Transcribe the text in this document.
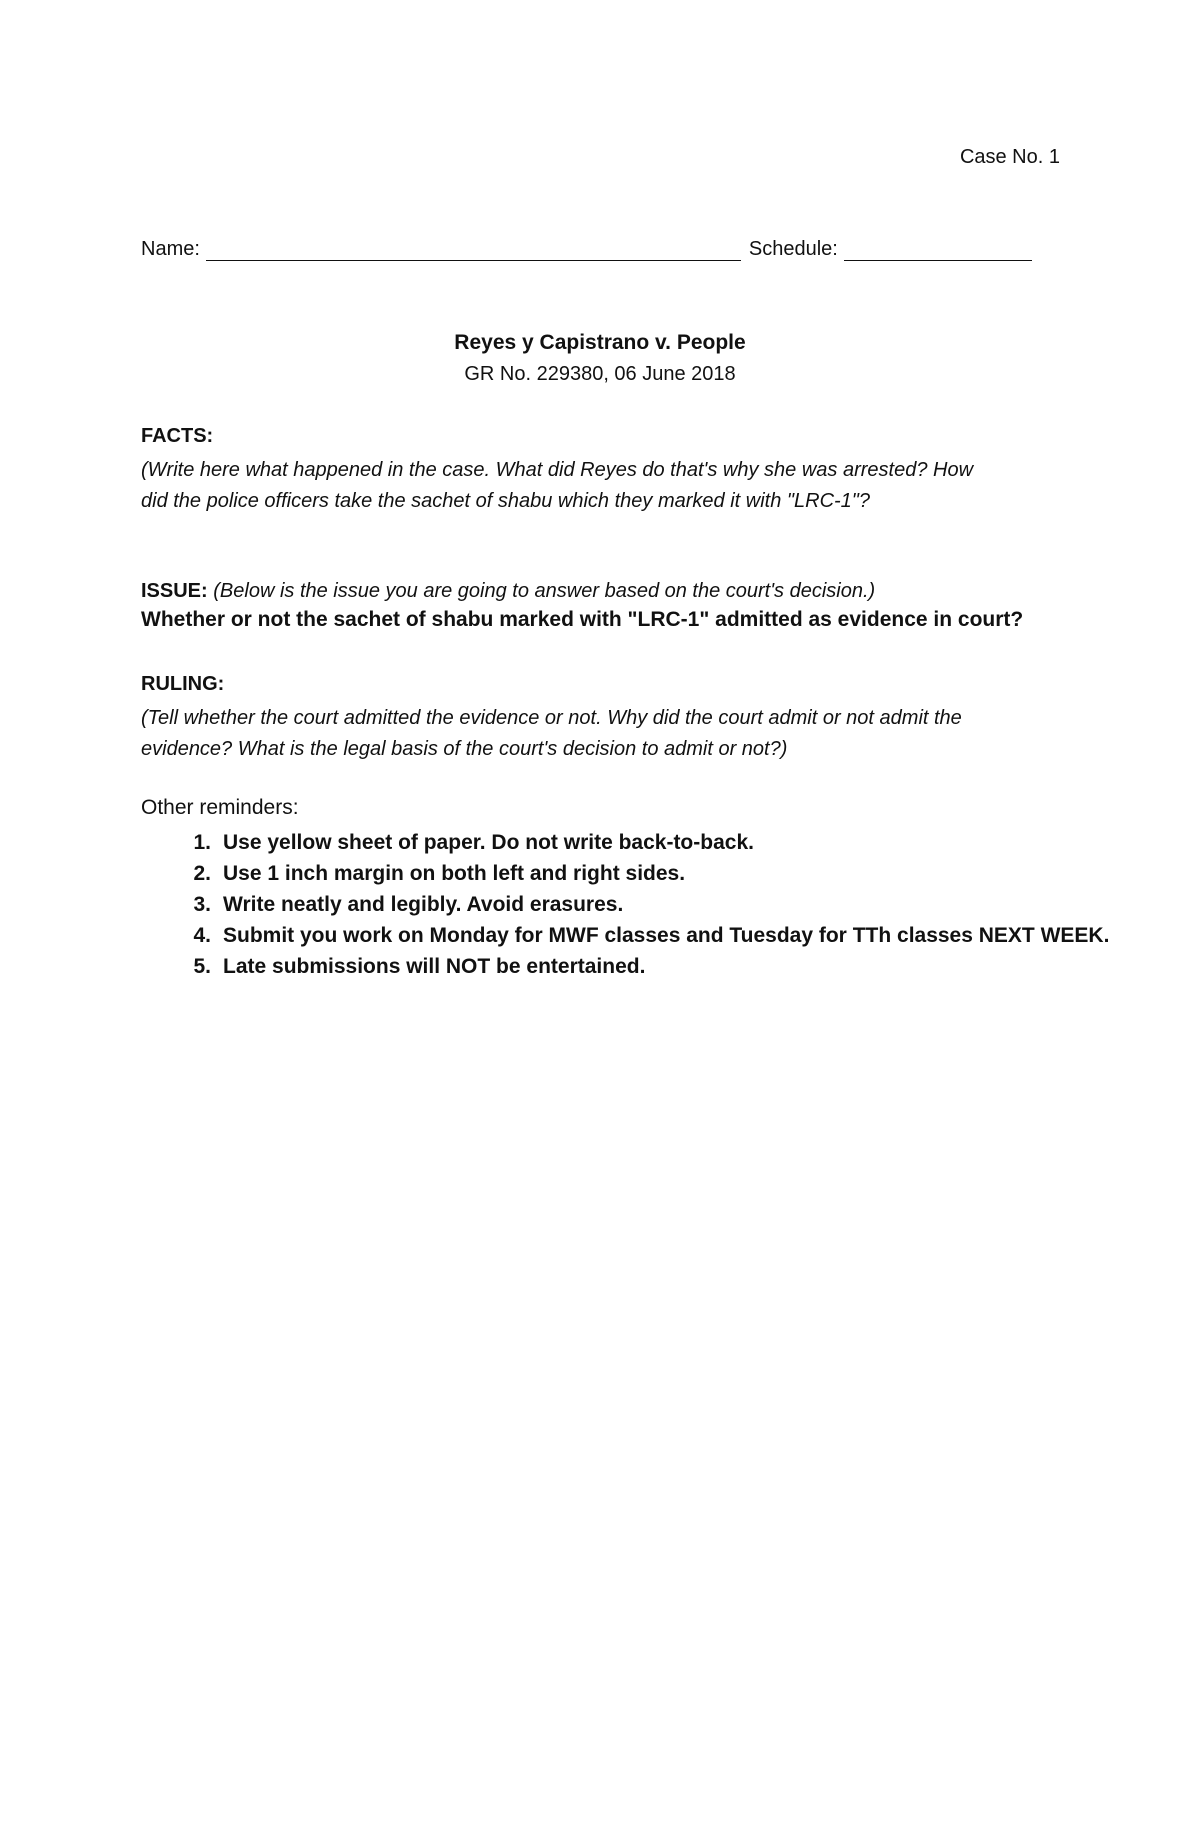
Case No. 1
Name:	Schedule:
Reyes y Capistrano v. People
GR No. 229380, 06 June 2018
FACTS:
(Write here what happened in the case. What did Reyes do that's why she was arrested? How
did the police officers take the sachet of shabu which they marked it with "LRC-1"?
ISSUE: (Below is the issue you are going to answer based on the court's decision.)
Whether or not the sachet of shabu marked with "LRC-1" admitted as evidence in court?
RULING:
(Tell whether the court admitted the evidence or not. Why did the court admit or not admit the
evidence? What is the legal basis of the court's decision to admit or not?)
Other reminders:
1. Use yellow sheet of paper. Do not write back-to-back.
2. Use 1 inch margin on both left and right sides.
3. Write neatly and legibly. Avoid erasures.
4. Submit you work on Monday for MWF classes and Tuesday for TTh classes NEXT WEEK.
5. Late submissions will NOT be entertained.
